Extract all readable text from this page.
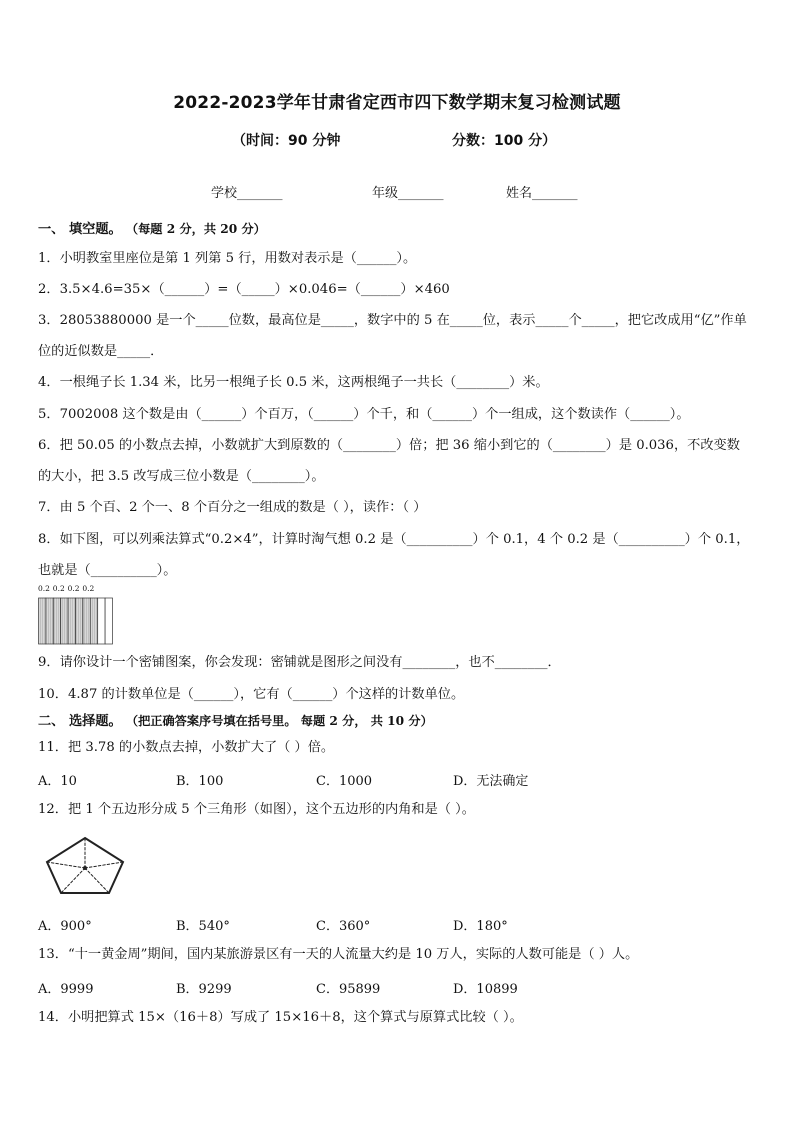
2022-2023学年甘肃省定西市四下数学期末复习检测试题
（时间：90 分钟	分数：100 分）
学校_______	年级_______	姓名_______
一、 填空题。 （每题 2 分，共 20 分）
1．小明教室里座位是第 1 列第 5 行，用数对表示是（______）。
2．3.5×4.6=35×（______）=（_____）×0.046=（______）×460
3．28053880000 是一个_____位数，最高位是_____，数字中的 5 在_____位，表示_____个_____，把它改成用“亿”作单
位的近似数是_____．
4．一根绳子长 1.34 米，比另一根绳子长 0.5 米，这两根绳子一共长（________）米。
5．7002008 这个数是由（______）个百万，（______）个千，和（______）个一组成，这个数读作（______）。
6．把 50.05 的小数点去掉，小数就扩大到原数的（________）倍；把 36 缩小到它的（________）是 0.036，不改变数
的大小，把 3.5 改写成三位小数是（________）。
7．由 5 个百、2 个一、8 个百分之一组成的数是（ ），读作：（ ）
8．如下图，可以列乘法算式“0.2×4”，计算时淘气想 0.2 是（__________）个 0.1，4 个 0.2 是（__________）个 0.1，
也就是（__________）。
0.2 0.2 0.2 0.2
9．请你设计一个密铺图案，你会发现：密铺就是图形之间没有________，也不________．
10．4.87 的计数单位是（______），它有（______）个这样的计数单位。
二、 选择题。 （把正确答案序号填在括号里。 每题 2 分， 共 10 分）
11．把 3.78 的小数点去掉，小数扩大了（ ）倍。
A．10	B．100	C．1000	D．无法确定
12．把 1 个五边形分成 5 个三角形（如图），这个五边形的内角和是（ ）。
A．900°	B．540°	C．360°	D．180°
13．“十一黄金周”期间，国内某旅游景区有一天的人流量大约是 10 万人，实际的人数可能是（ ）人。
A．9999	B．9299	C．95899	D．10899
14．小明把算式 15×（16＋8）写成了 15×16＋8，这个算式与原算式比较（ ）。
